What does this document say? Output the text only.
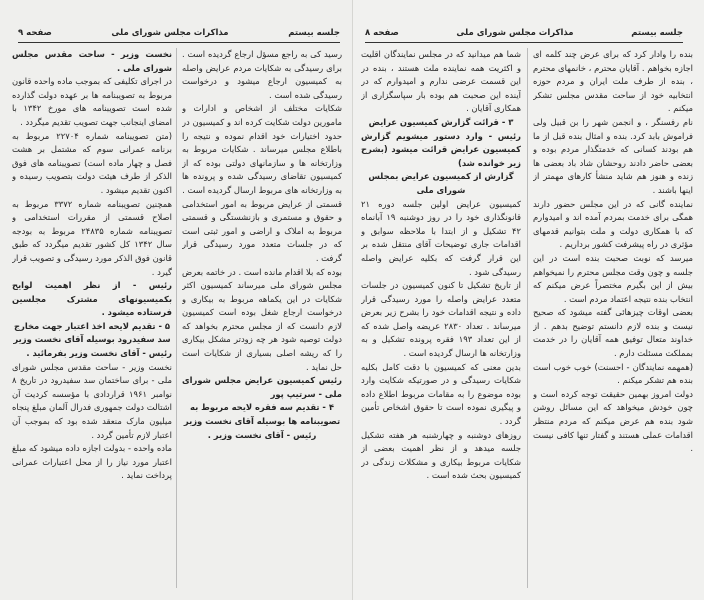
جلسه بیستم
مذاکرات مجلس شورای ملی
صفحه ۹

رسید کی به راجع مسؤل ارجاع گردیده است . برای رسیدگی به شکایات مردم عرایض واصله به کمیسیون ارجاع میشود و درخواست رسیدگی شده است .

شکایات مختلف از اشخاص و ادارات و مامورین دولت شکایت کرده اند و کمیسیون در حدود اختیارات خود اقدام نموده و نتیجه را باطلاع مجلس میرساند . شکایات مربوط به وزارتخانه ها و سازمانهای دولتی بوده که از کمیسیون تقاضای رسیدگی شده و پرونده ها به وزارتخانه های مربوط ارسال گردیده است .

قسمتی از عرایض مربوط به امور استخدامی و حقوق و مستمری و بازنشستگی و قسمتی مربوط به املاک و اراضی و امور ثبتی است که در جلسات متعدد مورد رسیدگی قرار گرفت .

بوده که بلا اقدام مانده است . در خاتمه بعرض مجلس شورای ملی میرساند کمیسیون اکثر شکایات در این یکماهه مربوط به بیکاری و درخواست ارجاع شغل بوده است کمیسیون لازم دانست که از مجلس محترم بخواهد که دولت توصیه شود هر چه زودتر مشکل بیکاری را که ریشه اصلی بسیاری از شکایات است حل نماید .

رئیس کمیسیون عرایض مجلس شورای ملی - سرتیپ پور

۴ - تقدیم سه فقره لایحه مربوط به تصویبنامه ها بوسیله آقای نخست وزیر

رئیس - آقای نخست وزیر .

نخست وزیر - ساحت مقدس مجلس شورای ملی .

در اجرای تکلیفی که بموجب ماده واحده قانون مربوط به تصویبنامه ها بر عهده دولت گذارده شده است تصویبنامه های مورخ ۱۳۴۲ با امضای اینجانب جهت تصویب تقدیم میگردد .

(متن تصویبنامه شماره ۲۲۷۰۴ مربوط به برنامه عمرانی سوم که مشتمل بر هشت فصل و چهار ماده است) تصویبنامه های فوق الذکر از طرف هیئت دولت بتصویب رسیده و اکنون تقدیم میشود .

همچنین تصویبنامه شماره ۳۳۷۲ مربوط به اصلاح قسمتی از مقررات استخدامی و تصویبنامه شماره ۲۴۸۳۵ مربوط به بودجه سال ۱۳۴۲ کل کشور تقدیم میگردد که طبق قانون فوق الذکر مورد رسیدگی و تصویب قرار گیرد .

رئیس - از نظر اهمیت لوایح بکمیسیونهای مشترک مجلسین فرستاده میشود .

۵ - تقدیم لایحه اخذ اعتبار جهت مخارج سد سفیدرود بوسیله آقای نخست وزیر

رئیس - آقای نخست وزیر بفرمائید .

نخست وزیر - ساحت مقدس مجلس شورای ملی - برای ساختمان سد سفیدرود در تاریخ ۸ نوامبر ۱۹۶۱ قراردادی با مؤسسه کردیت آن اشتالت دولت جمهوری فدرال آلمان مبلغ پنجاه میلیون مارک منعقد شده بود که بموجب آن اعتبار لازم تأمین گردد .

ماده واحده - بدولت اجازه داده میشود که مبلغ اعتبار مورد نیاز را از محل اعتبارات عمرانی پرداخت نماید .

جلسه بیستم
مذاکرات مجلس شورای ملی
صفحه ۸

بنده را وادار کرد که برای عرض چند کلمه ای اجازه بخواهم . آقایان محترم ، خانمهای محترم ، بنده از طرف ملت ایران و مردم حوزه انتخابیه خود از ساحت مقدس مجلس تشکر میکنم .

نام رفسنگر ، و انجمن شهر را بن قبیل ولی فراموش بابد کرد. بنده و امثال بنده قبل از ما هم بودند کسانی که خدمتگذار مردم بوده و بعضی حاضر دادند روحشان شاد باد بعضی ها زنده و هنوز هم شاید منشأ کارهای مهمتر از اینها باشند .

نماینده گانی که در این مجلس حضور دارند همگی برای خدمت بمردم آمده اند و امیدوارم که با همکاری دولت و ملت بتوانیم قدمهای مؤثری در راه پیشرفت کشور برداریم .

میرسد که نوبت صحبت بنده است در این جلسه و چون وقت مجلس محترم را نمیخواهم بیش از این بگیرم مختصراً عرض میکنم که انتخاب بنده نتیجه اعتماد مردم است .

بعضی اوقات چیزهائی گفته میشود که صحیح نیست و بنده لازم دانستم توضیح بدهم . از خداوند متعال توفیق همه آقایان را در خدمت بمملکت مسئلت دارم .

(همهمه نمایندگان - احسنت) خوب خوب است بنده هم تشکر میکنم .

دولت امروز بهمین حقیقت توجه کرده است و چون خودش میخواهد که این مسائل روشن شود بنده هم عرض میکنم که مردم منتظر اقدامات عملی هستند و گفتار تنها کافی نیست .

شما هم میدانید که در مجلس نمایندگان اقلیت و اکثریت همه نماینده ملت هستند ، بنده در این قسمت عرضی ندارم و امیدوارم که در آینده این صحبت هم بوده بار سپاسگزاری از همکاری آقایان .

۳ - قرائت گزارش کمیسیون عرایض

رئیس - وارد دستور میشویم گزارش کمیسیون عرایض قرائت میشود (بشرح زیر خوانده شد)

گزارش از کمیسیون عرایض بمجلس شورای ملی

کمیسیون عرایض اولین جلسه دوره ۲۱ قانونگذاری خود را در روز دوشنبه ۱۹ آبانماه ۴۲ تشکیل و از ابتدا با ملاحظه سوابق و اقدامات جاری توضیحات آقای منتقل شده بر این قرار گرفت که بکلیه عرایض واصله رسیدگی شود .

از تاریخ تشکیل تا کنون کمیسیون در جلسات متعدد عرایض واصله را مورد رسیدگی قرار داده و نتیجه اقدامات خود را بشرح زیر بعرض میرساند . تعداد ۲۸۳۰ عریضه واصل شده که از این تعداد ۱۹۳ فقره پرونده تشکیل و به وزارتخانه ها ارسال گردیده است .

بدین معنی که کمیسیون با دقت کامل بکلیه شکایات رسیدگی و در صورتیکه شکایت وارد بوده موضوع را به مقامات مربوط اطلاع داده و پیگیری نموده است تا حقوق اشخاص تأمین گردد .

روزهای دوشنبه و چهارشنبه هر هفته تشکیل جلسه میدهد و از نظر اهمیت بعضی از شکایات مربوط بیکاری و مشکلات زندگی در کمیسیون بحث شده است .
